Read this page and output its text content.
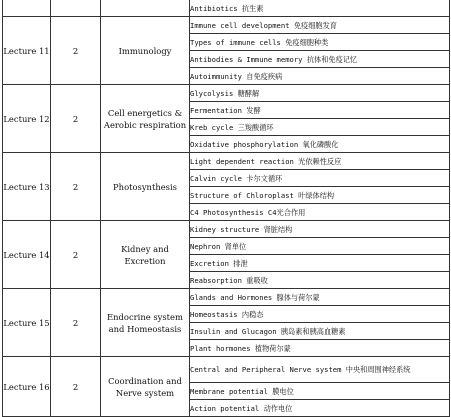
			Antibiotics 抗生素
Lecture 11	2	Immunology	Immune cell development 免疫细胞发育
			Types of immune cells 免疫细胞种类
			Antibodies & Immune memory 抗体和免疫记忆
			Autoimmunity 自免疫疾病
Lecture 12	2	Cell energetics & Aerobic respiration	Glycolysis 糖酵解
			Fermentation 发酵
			Kreb cycle 三羧酸循环
			Oxidative phosphorylation 氧化磷酸化
Lecture 13	2	Photosynthesis	Light dependent reaction 光依赖性反应
			Calvin cycle 卡尔文循环
			Structure of Chloroplast 叶绿体结构
			C4 Photosynthesis C4光合作用
Lecture 14	2	Kidney and Excretion	Kidney structure 肾脏结构
			Nephron 肾单位
			Excretion 排泄
			Reabsorption 重吸收
Lecture 15	2	Endocrine system and Homeostasis	Glands and Hormones 腺体与荷尔蒙
			Homeostasis 内稳态
			Insulin and Glucagon 胰岛素和胰高血糖素
			Plant hormones 植物荷尔蒙
Lecture 16	2	Coordination and Nerve system	Central and Peripheral Nerve system 中央和周围神经系统
			Membrane potential 膜电位
			Action potential 动作电位
